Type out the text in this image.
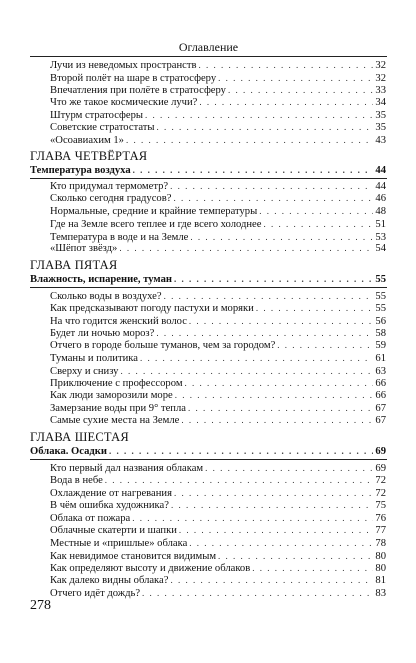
Оглавление
Лучи из неведомых пространств . . .	32
Второй полёт на шаре в стратосферу . . .	32
Впечатления при полёте в стратосферу . . .	33
Что же такое космические лучи? . . .	34
Штурм стратосферы . . .	35
Советские стратостаты . . .	35
«Осоавиахим 1» . . .	43
ГЛАВА ЧЕТВЁРТАЯ
Температура воздуха . . .	44
Кто придумал термометр? . . .	44
Сколько сегодня градусов? . . .	46
Нормальные, средние и крайние температуры . . .	48
Где на Земле всего теплее и где всего холоднее . . .	51
Температура в воде и на Земле . . .	53
«Шёпот звёзд» . . .	54
ГЛАВА ПЯТАЯ
Влажность, испарение, туман . . .	55
Сколько воды в воздухе? . . .	55
Как предсказывают погоду пастухи и моряки . . .	55
На что годится женский волос . . .	56
Будет ли ночью мороз? . . .	58
Отчего в городе больше туманов, чем за городом? . . .	59
Туманы и политика . . .	61
Сверху и снизу . . .	63
Приключение с профессором . . .	66
Как люди заморозили море . . .	66
Замерзание воды при 9° тепла . . .	67
Самые сухие места на Земле . . .	67
ГЛАВА ШЕСТАЯ
Облака. Осадки . . .	69
Кто первый дал названия облакам . . .	69
Вода в небе . . .	72
Охлаждение от нагревания . . .	72
В чём ошибка художника? . . .	75
Облака от пожара . . .	76
Облачные скатерти и шапки . . .	77
Местные и «пришлые» облака . . .	78
Как невидимое становится видимым . . .	80
Как определяют высоту и движение облаков . . .	80
Как далеко видны облака? . . .	81
Отчего идёт дождь? . . .	83
278
